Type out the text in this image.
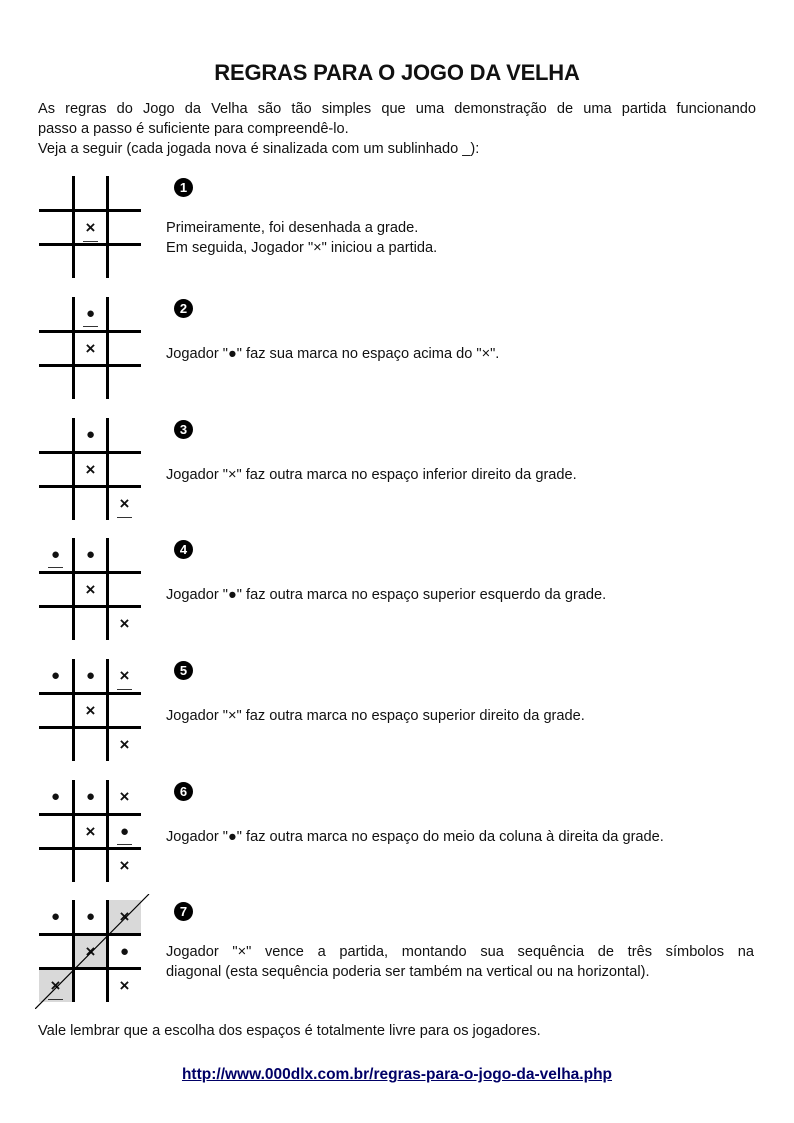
REGRAS PARA O JOGO DA VELHA
As regras do Jogo da Velha são tão simples que uma demonstração de uma partida funcionando
passo a passo é suficiente para compreendê-lo.
Veja a seguir (cada jogada nova é sinalizada com um sublinhado _):
×
1
Primeiramente, foi desenhada a grade.
Em seguida, Jogador "×" iniciou a partida.
●
×
2
Jogador "●" faz sua marca no espaço acima do "×".
●
×
×
3
Jogador "×" faz outra marca no espaço inferior direito da grade.
● ●
×
×
4
Jogador "●" faz outra marca no espaço superior esquerdo da grade.
● ● ×
×
×
5
Jogador "×" faz outra marca no espaço superior direito da grade.
● ● ×
× ●
×
6
Jogador "●" faz outra marca no espaço do meio da coluna à direita da grade.
● ● ×
× ●
×	×
7
Jogador "×" vence a partida, montando sua sequência de três símbolos na
diagonal (esta sequência poderia ser também na vertical ou na horizontal).
Vale lembrar que a escolha dos espaços é totalmente livre para os jogadores.
http://www.000dlx.com.br/regras-para-o-jogo-da-velha.php
